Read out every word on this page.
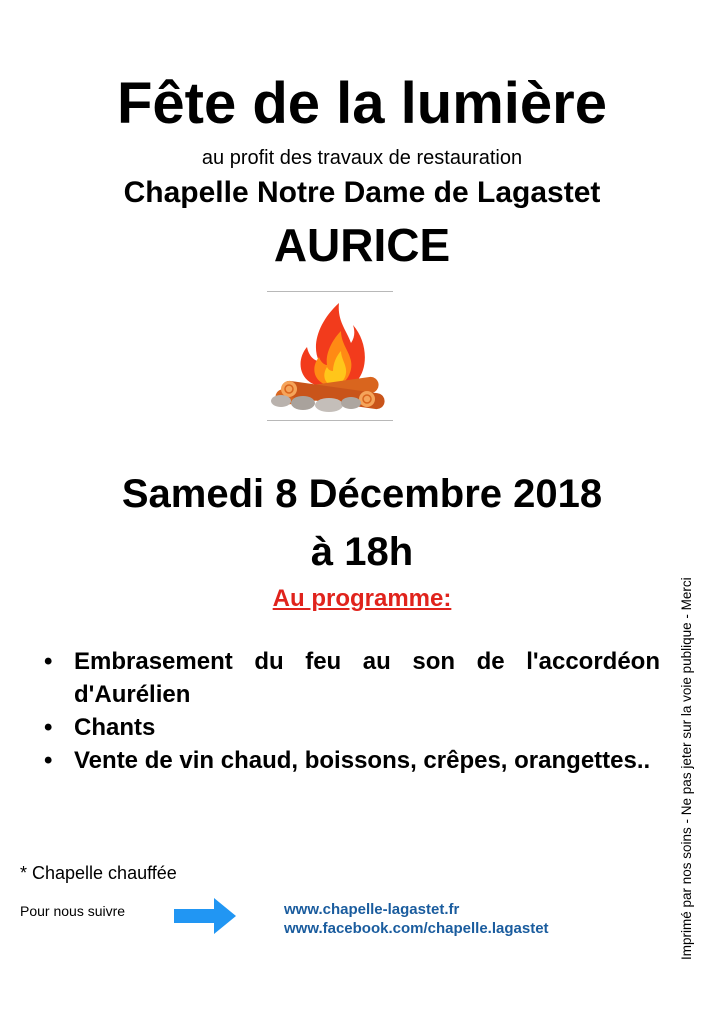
Fête de la lumière
au profit des travaux de restauration
Chapelle Notre Dame de Lagastet
AURICE
Samedi 8 Décembre 2018
à 18h
Au programme:
• Embrasement du feu au son de l'accordéon d'Aurélien
• Chants
• Vente de vin chaud, boissons, crêpes, orangettes..
* Chapelle chauffée
Pour nous suivre	www.chapelle-lagastet.fr
www.facebook.com/chapelle.lagastet	Imprimé par nos soins - Ne pas jeter sur la voie publique - Merci
